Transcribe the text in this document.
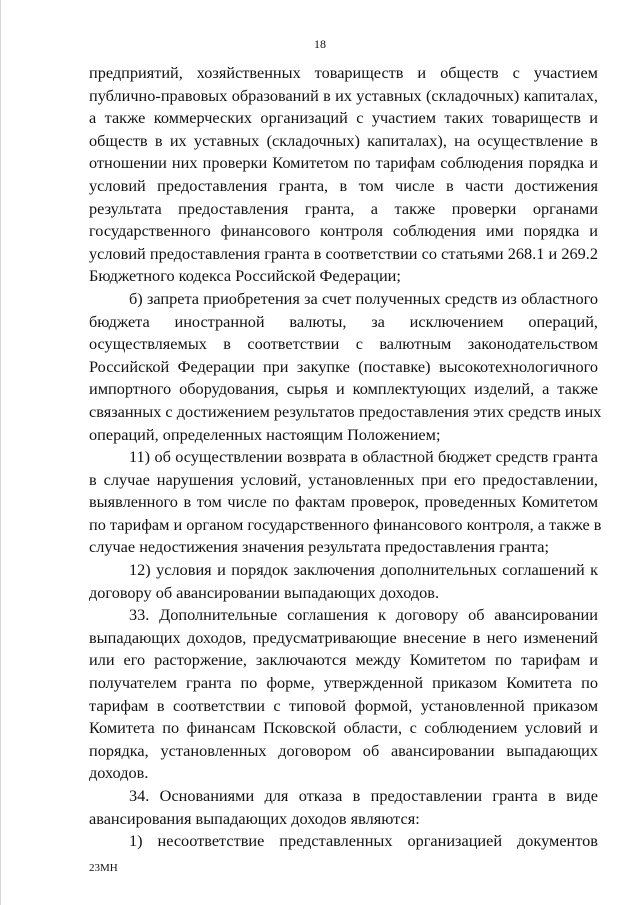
18
предприятий, хозяйственных товариществ и обществ с участием
публично-правовых образований в их уставных (складочных) капиталах,
а также коммерческих организаций с участием таких товариществ и
обществ в их уставных (складочных) капиталах), на осуществление в
отношении них проверки Комитетом по тарифам соблюдения порядка и
условий предоставления гранта, в том числе в части достижения
результата предоставления гранта, а также проверки органами
государственного финансового контроля соблюдения ими порядка и
условий предоставления гранта в соответствии со статьями 268.1 и 269.2
Бюджетного кодекса Российской Федерации;
б) запрета приобретения за счет полученных средств из областного
бюджета иностранной валюты, за исключением операций,
осуществляемых в соответствии с валютным законодательством
Российской Федерации при закупке (поставке) высокотехнологичного
импортного оборудования, сырья и комплектующих изделий, а также
связанных с достижением результатов предоставления этих средств иных
операций, определенных настоящим Положением;
11) об осуществлении возврата в областной бюджет средств гранта
в случае нарушения условий, установленных при его предоставлении,
выявленного в том числе по фактам проверок, проведенных Комитетом
по тарифам и органом государственного финансового контроля, а также в
случае недостижения значения результата предоставления гранта;
12) условия и порядок заключения дополнительных соглашений к
договору об авансировании выпадающих доходов.
33. Дополнительные соглашения к договору об авансировании
выпадающих доходов, предусматривающие внесение в него изменений
или его расторжение, заключаются между Комитетом по тарифам и
получателем гранта по форме, утвержденной приказом Комитета по
тарифам в соответствии с типовой формой, установленной приказом
Комитета по финансам Псковской области, с соблюдением условий и
порядка, установленных договором об авансировании выпадающих
доходов.
34. Основаниями для отказа в предоставлении гранта в виде
авансирования выпадающих доходов являются:
1) несоответствие представленных организацией документов
23МН
